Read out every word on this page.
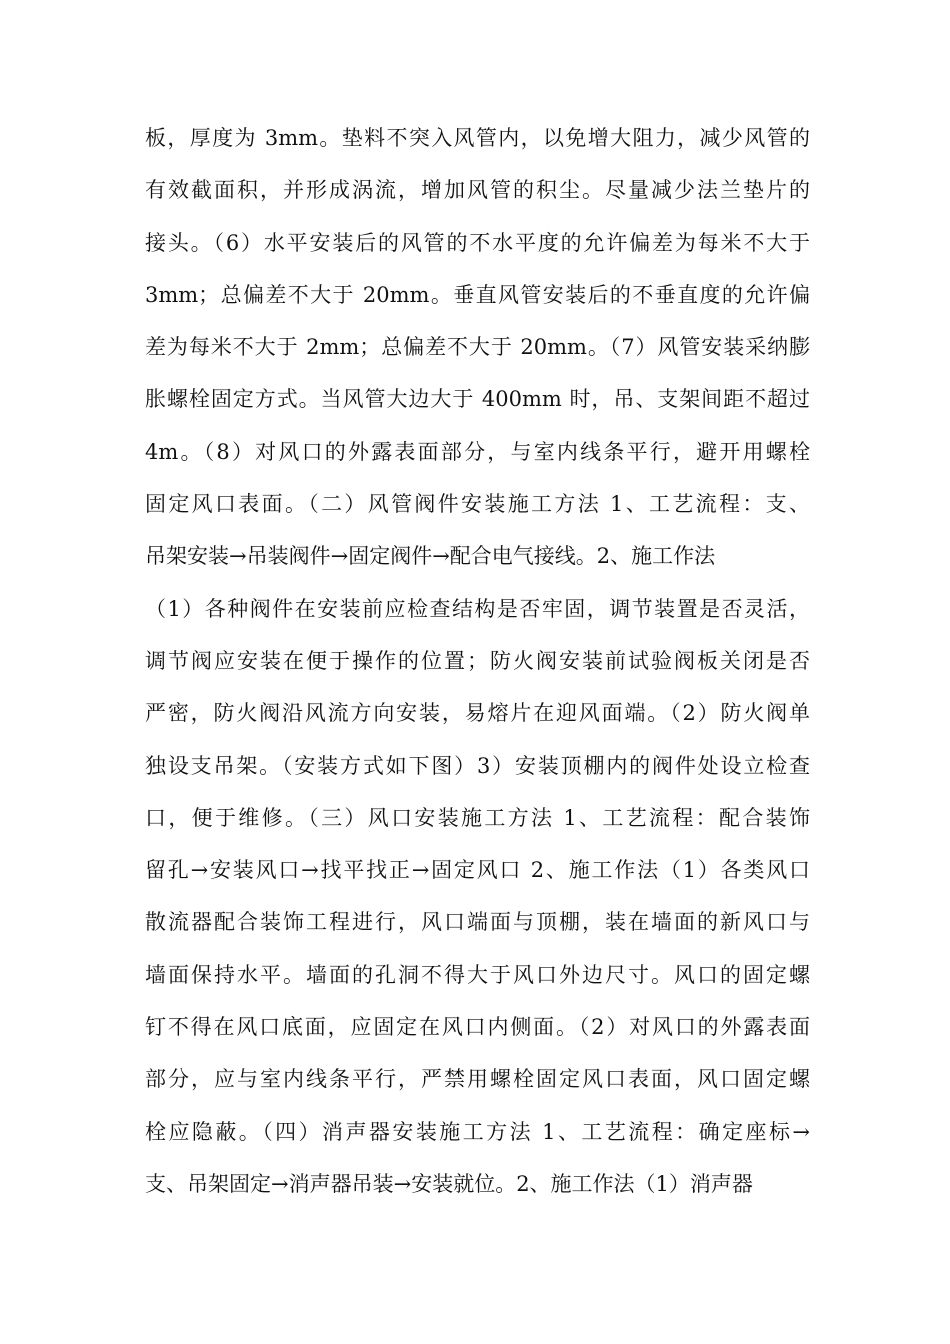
板，厚度为 3mm。垫料不突入风管内，以免增大阻力，减少风管的
有效截面积，并形成涡流，增加风管的积尘。尽量减少法兰垫片的
接头。（6）水平安装后的风管的不水平度的允许偏差为每米不大于
3mm；总偏差不大于 20mm。垂直风管安装后的不垂直度的允许偏
差为每米不大于 2mm；总偏差不大于 20mm。（7）风管安装采纳膨
胀螺栓固定方式。当风管大边大于 400mm 时，吊、支架间距不超过
4m。（8）对风口的外露表面部分，与室内线条平行，避开用螺栓
固定风口表面。（二）风管阀件安装施工方法 1、工艺流程：支、
吊架安装→吊装阀件→固定阀件→配合电气接线。2、施工作法
（1）各种阀件在安装前应检查结构是否牢固，调节装置是否灵活，
调节阀应安装在便于操作的位置；防火阀安装前试验阀板关闭是否
严密，防火阀沿风流方向安装，易熔片在迎风面端。（2）防火阀单
独设支吊架。（安装方式如下图）3）安装顶棚内的阀件处设立检查
口，便于维修。（三）风口安装施工方法 1、工艺流程：配合装饰
留孔→安装风口→找平找正→固定风口 2、施工作法（1）各类风口
散流器配合装饰工程进行，风口端面与顶棚，装在墙面的新风口与
墙面保持水平。墙面的孔洞不得大于风口外边尺寸。风口的固定螺
钉不得在风口底面，应固定在风口内侧面。（2）对风口的外露表面
部分，应与室内线条平行，严禁用螺栓固定风口表面，风口固定螺
栓应隐蔽。（四）消声器安装施工方法 1、工艺流程：确定座标→
支、吊架固定→消声器吊装→安装就位。2、施工作法（1）消声器
